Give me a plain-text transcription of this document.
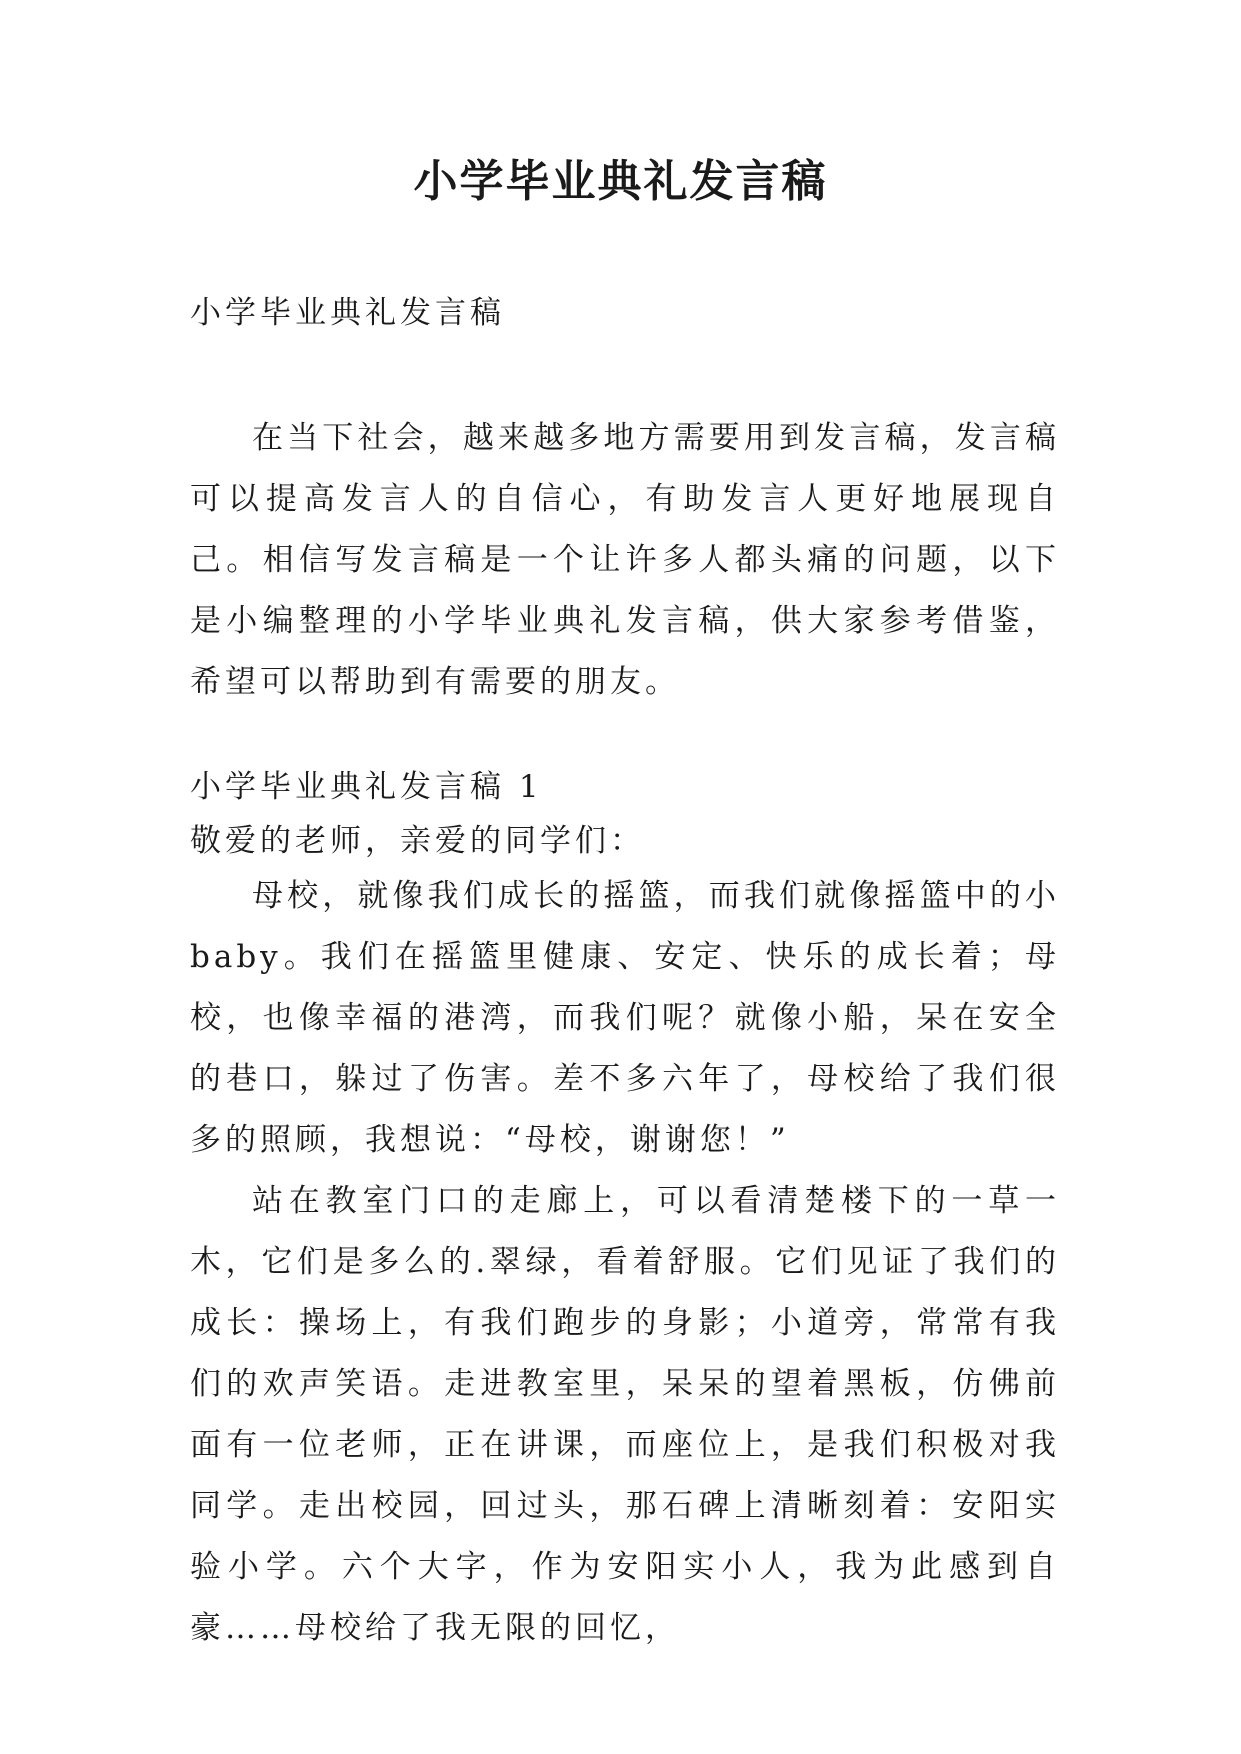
小学毕业典礼发言稿
小学毕业典礼发言稿

在当下社会，越来越多地方需要用到发言稿，发言稿可以提高发言人的自信心，有助发言人更好地展现自己。相信写发言稿是一个让许多人都头痛的问题，以下是小编整理的小学毕业典礼发言稿，供大家参考借鉴，希望可以帮助到有需要的朋友。

小学毕业典礼发言稿 1
敬爱的老师，亲爱的同学们：

母校，就像我们成长的摇篮，而我们就像摇篮中的小baby。我们在摇篮里健康、安定、快乐的成长着；母校，也像幸福的港湾，而我们呢？就像小船，呆在安全的巷口，躲过了伤害。差不多六年了，母校给了我们很多的照顾，我想说：“母校，谢谢您！”

站在教室门口的走廊上，可以看清楚楼下的一草一木，它们是多么的.翠绿，看着舒服。它们见证了我们的成长：操场上，有我们跑步的身影；小道旁，常常有我们的欢声笑语。走进教室里，呆呆的望着黑板，仿佛前面有一位老师，正在讲课，而座位上，是我们积极对我同学。走出校园，回过头，那石碑上清晰刻着：安阳实验小学。六个大字，作为安阳实小人，我为此感到自豪……母校给了我无限的回忆，
